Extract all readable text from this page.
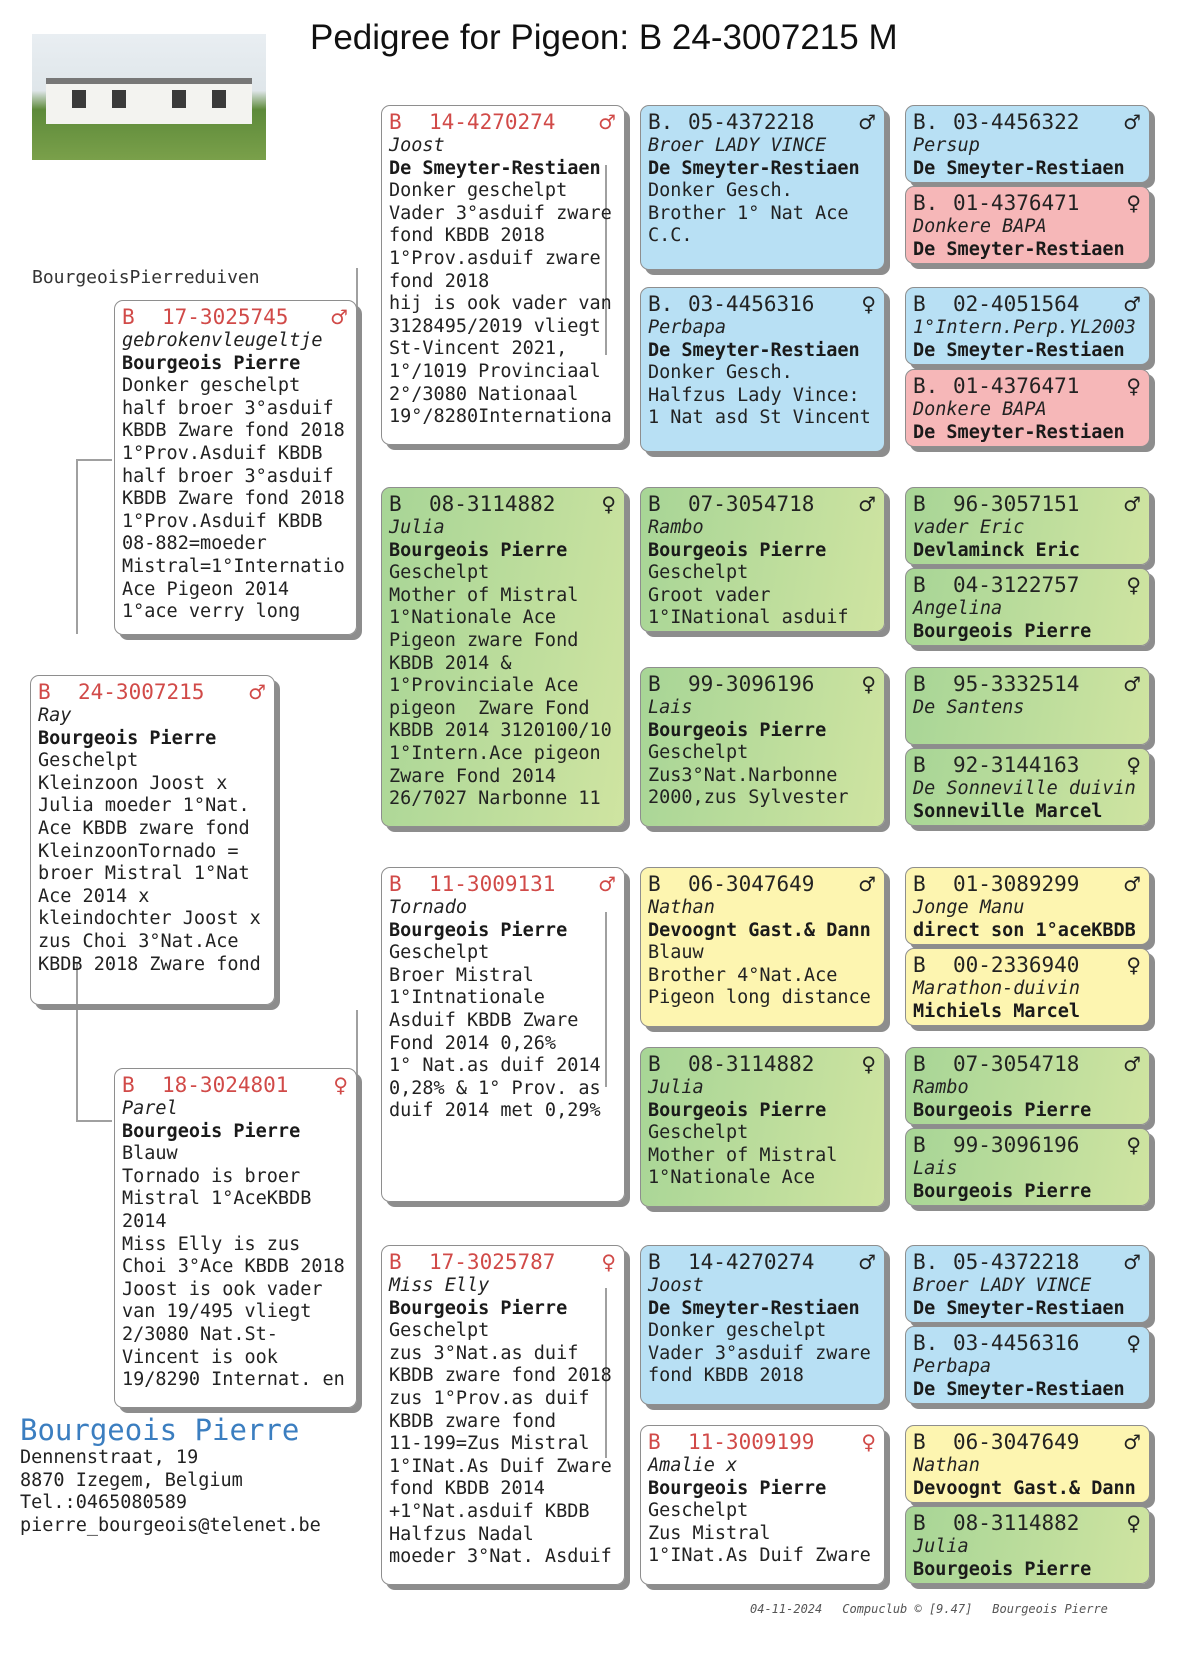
Pedigree for Pigeon: B 24-3007215 M
BourgeoisPierreduiven
B	24-3007215	♂
Ray
Bourgeois Pierre
Geschelpt
Kleinzoon Joost x
Julia moeder 1°Nat.
Ace KBDB zware fond
KleinzoonTornado =
broer Mistral 1°Nat
Ace 2014 x
kleindochter Joost x
zus Choi 3°Nat.Ace
KBDB 2018 Zware fond
B	17-3025745	♂
gebrokenvleugeltje
Bourgeois Pierre
Donker geschelpt
half broer 3°asduif
KBDB Zware fond 2018
1°Prov.Asduif KBDB
half broer 3°asduif
KBDB Zware fond 2018
1°Prov.Asduif KBDB
08-882=moeder
Mistral=1°Internatio
Ace Pigeon 2014
1°ace verry long
B	18-3024801	♀
Parel
Bourgeois Pierre
Blauw
Tornado is broer
Mistral 1°AceKBDB
2014
Miss Elly is zus
Choi 3°Ace KBDB 2018
Joost is ook vader
van 19/495 vliegt
2/3080 Nat.St-
Vincent is ook
19/8290 Internat. en
B	14-4270274	♂
Joost
De Smeyter-Restiaen
Donker geschelpt
Vader 3°asduif zware
fond KBDB 2018
1°Prov.asduif zware
fond 2018
hij is ook vader van
3128495/2019 vliegt
St-Vincent 2021,
1°/1019 Provinciaal
2°/3080 Nationaal
19°/8280Internationa
B	08-3114882	♀
Julia
Bourgeois Pierre
Geschelpt
Mother of Mistral
1°Nationale Ace
Pigeon zware Fond
KBDB 2014 &
1°Provinciale Ace
pigeon  Zware Fond
KBDB 2014 3120100/10
1°Intern.Ace pigeon
Zware Fond 2014
26/7027 Narbonne 11
B	11-3009131	♂
Tornado
Bourgeois Pierre
Geschelpt
Broer Mistral
1°Intnationale
Asduif KBDB Zware
Fond 2014 0,26%
1° Nat.as duif 2014
0,28% & 1° Prov. as
duif 2014 met 0,29%
B	17-3025787	♀
Miss Elly
Bourgeois Pierre
Geschelpt
zus 3°Nat.as duif
KBDB zware fond 2018
zus 1°Prov.as duif
KBDB zware fond
11-199=Zus Mistral
1°INat.As Duif Zware
fond KBDB 2014
+1°Nat.asduif KBDB
Halfzus Nadal
moeder 3°Nat. Asduif
B. 05-4372218	♂
Broer LADY VINCE
De Smeyter-Restiaen
Donker Gesch.
Brother 1° Nat Ace
C.C.
B. 03-4456316	♀
Perbapa
De Smeyter-Restiaen
Donker Gesch.
Halfzus Lady Vince:
1 Nat asd St Vincent
B	07-3054718	♂
Rambo
Bourgeois Pierre
Geschelpt
Groot vader
1°INational asduif
B	99-3096196	♀
Lais
Bourgeois Pierre
Geschelpt
Zus3°Nat.Narbonne
2000,zus Sylvester
B	06-3047649	♂
Nathan
Devoognt Gast.& Dann
Blauw
Brother 4°Nat.Ace
Pigeon long distance
B	08-3114882	♀
Julia
Bourgeois Pierre
Geschelpt
Mother of Mistral
1°Nationale Ace
B	14-4270274	♂
Joost
De Smeyter-Restiaen
Donker geschelpt
Vader 3°asduif zware
fond KBDB 2018
B	11-3009199	♀
Amalie x
Bourgeois Pierre
Geschelpt
Zus Mistral
1°INat.As Duif Zware
B. 03-4456322	♂
Persup
De Smeyter-Restiaen
B. 01-4376471	♀
Donkere BAPA
De Smeyter-Restiaen
B	02-4051564	♂
1°Intern.Perp.YL2003
De Smeyter-Restiaen
B. 01-4376471	♀
Donkere BAPA
De Smeyter-Restiaen
B	96-3057151	♂
vader Eric
Devlaminck Eric
B	04-3122757	♀
Angelina
Bourgeois Pierre
B	95-3332514	♂
De Santens
B	92-3144163	♀
De Sonneville duivin
Sonneville Marcel
B	01-3089299	♂
Jonge Manu
direct son 1°aceKBDB
B	00-2336940	♀
Marathon-duivin
Michiels Marcel
B	07-3054718	♂
Rambo
Bourgeois Pierre
B	99-3096196	♀
Lais
Bourgeois Pierre
B. 05-4372218	♂
Broer LADY VINCE
De Smeyter-Restiaen
B. 03-4456316	♀
Perbapa
De Smeyter-Restiaen
B	06-3047649	♂
Nathan
Devoognt Gast.& Dann
B	08-3114882	♀
Julia
Bourgeois Pierre
Bourgeois Pierre
Dennenstraat, 19
8870 Izegem, Belgium
Tel.:0465080589
pierre_bourgeois@telenet.be
04-11-2024 Compuclub © [9.47] Bourgeois Pierre
